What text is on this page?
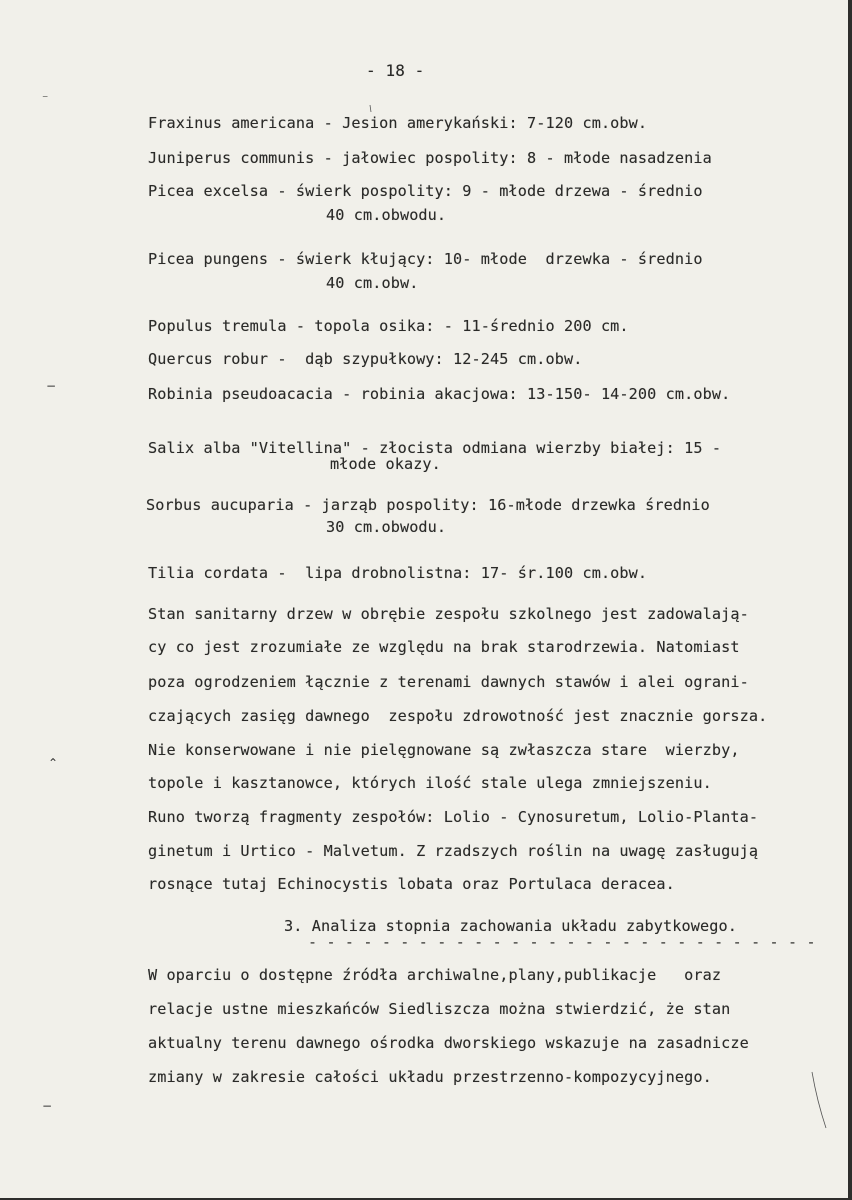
- 18 -
Fraxinus americana - Jesion amerykański: 7-120 cm.obw.
Juniperus communis - jałowiec pospolity: 8 - młode nasadzenia
Picea excelsa - świerk pospolity: 9 - młode drzewa - średnio
40 cm.obwodu.
Picea pungens - świerk kłujący: 10- młode  drzewka - średnio
40 cm.obw.
Populus tremula - topola osika: - 11-średnio 200 cm.
Quercus robur -  dąb szypułkowy: 12-245 cm.obw.
Robinia pseudoacacia - robinia akacjowa: 13-150- 14-200 cm.obw.
Salix alba "Vitellina" - złocista odmiana wierzby białej: 15 -
młode okazy.
Sorbus aucuparia - jarząb pospolity: 16-młode drzewka średnio
30 cm.obwodu.
Tilia cordata -  lipa drobnolistna: 17- śr.100 cm.obw.
Stan sanitarny drzew w obrębie zespołu szkolnego jest zadowalają-
cy co jest zrozumiałe ze względu na brak starodrzewia. Natomiast
poza ogrodzeniem łącznie z terenami dawnych stawów i alei ograni-
czających zasięg dawnego  zespołu zdrowotność jest znacznie gorsza.
Nie konserwowane i nie pielęgnowane są zwłaszcza stare  wierzby,
topole i kasztanowce, których ilość stale ulega zmniejszeniu.
Runo tworzą fragmenty zespołów: Lolio - Cynosuretum, Lolio-Planta-
ginetum i Urtico - Malvetum. Z rzadszych roślin na uwagę zasługują
rosnące tutaj Echinocystis lobata oraz Portulaca deracea.
3. Analiza stopnia zachowania układu zabytkowego.
- - - - - - - - - - - - - - - - - - - - - - - - - - - -
W oparciu o dostępne źródła archiwalne,plany,publikacje   oraz
relacje ustne mieszkańców Siedliszcza można stwierdzić, że stan
aktualny terenu dawnego ośrodka dworskiego wskazuje na zasadnicze
zmiany w zakresie całości układu przestrzenno-kompozycyjnego.
⁻
−
⌃
−
